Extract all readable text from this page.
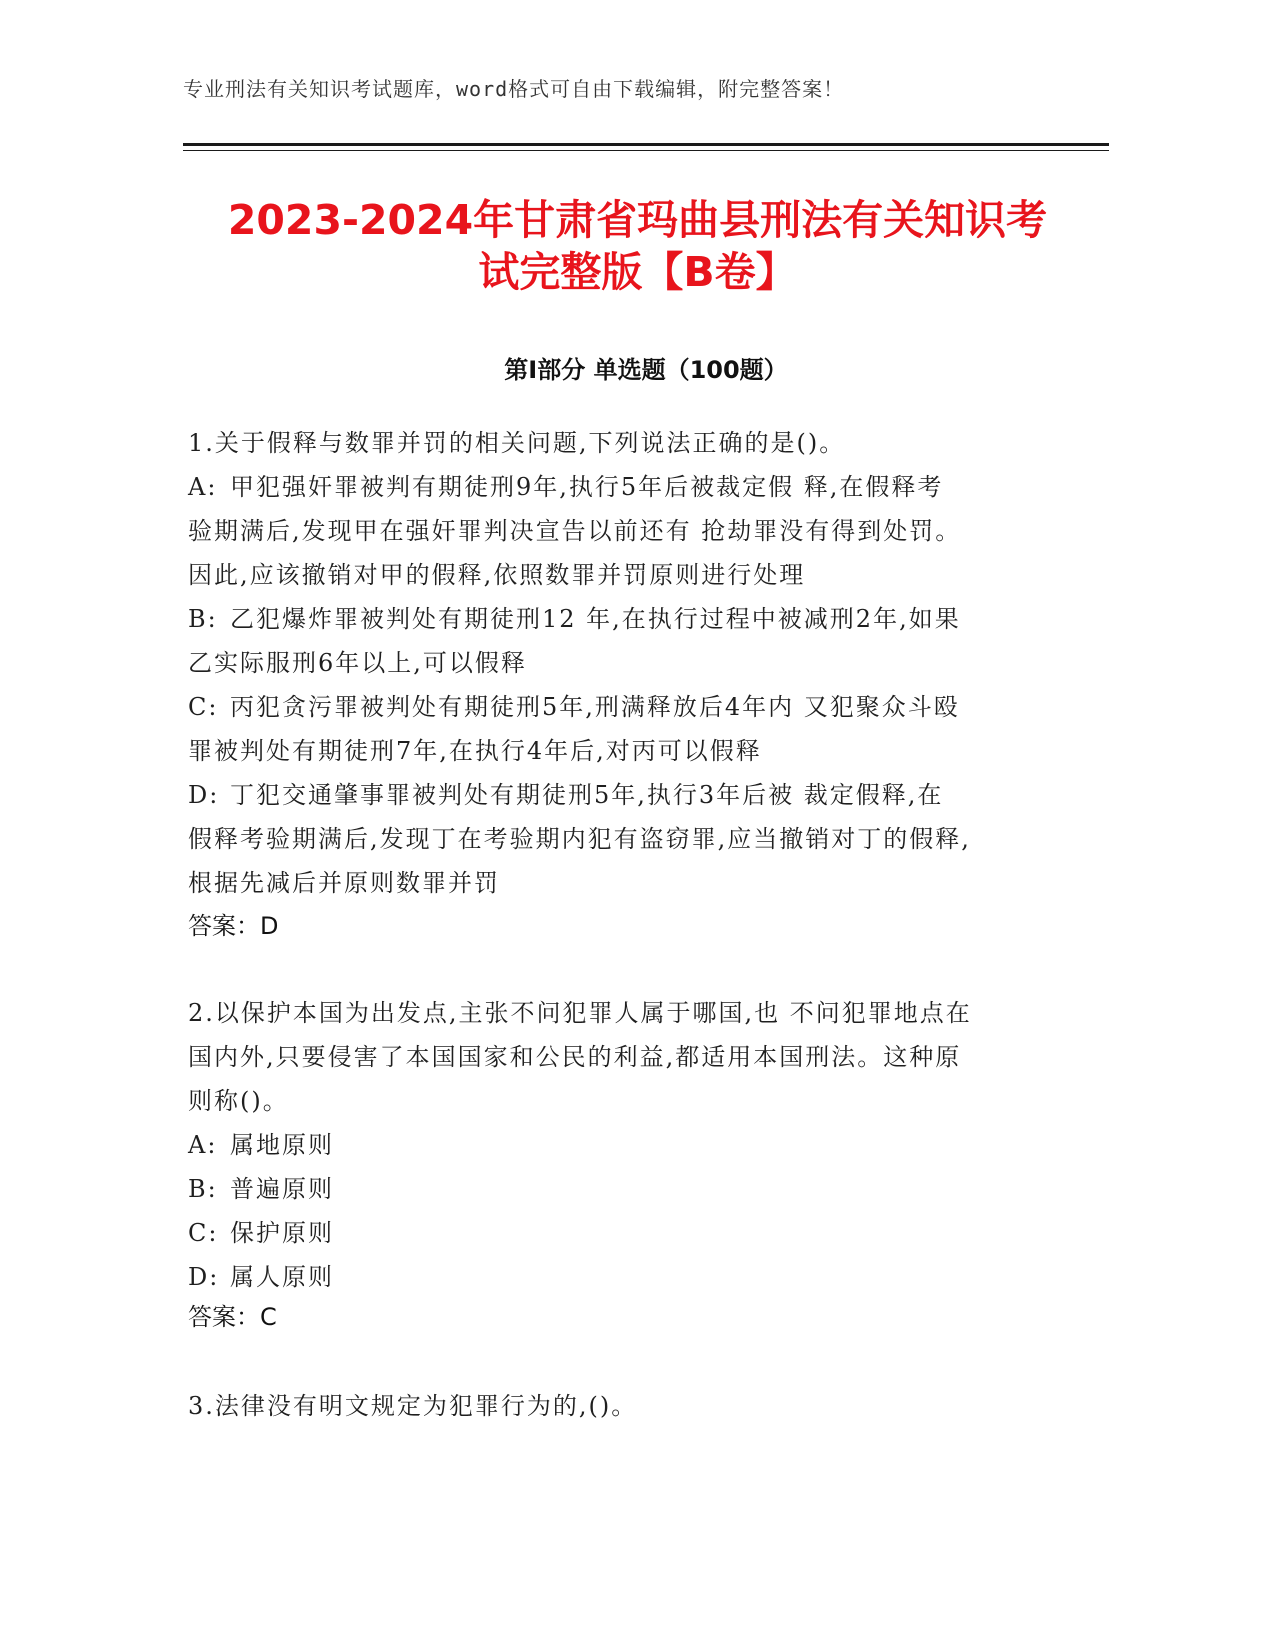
专业刑法有关知识考试题库，word格式可自由下载编辑，附完整答案！
2023-2024年甘肃省玛曲县刑法有关知识考
试完整版【B卷】
第Ⅰ部分 单选题（100题）
1.关于假释与数罪并罚的相关问题,下列说法正确的是()。
A: 甲犯强奸罪被判有期徒刑9年,执行5年后被裁定假 释,在假释考
验期满后,发现甲在强奸罪判决宣告以前还有 抢劫罪没有得到处罚。
因此,应该撤销对甲的假释,依照数罪并罚原则进行处理
B: 乙犯爆炸罪被判处有期徒刑12 年,在执行过程中被减刑2年,如果
乙实际服刑6年以上,可以假释
C: 丙犯贪污罪被判处有期徒刑5年,刑满释放后4年内 又犯聚众斗殴
罪被判处有期徒刑7年,在执行4年后,对丙可以假释
D: 丁犯交通肇事罪被判处有期徒刑5年,执行3年后被 裁定假释,在
假释考验期满后,发现丁在考验期内犯有盗窃罪,应当撤销对丁的假释,
根据先减后并原则数罪并罚
答案：D
2.以保护本国为出发点,主张不问犯罪人属于哪国,也 不问犯罪地点在
国内外,只要侵害了本国国家和公民的利益,都适用本国刑法。这种原
则称()。
A: 属地原则
B: 普遍原则
C: 保护原则
D: 属人原则
答案：C
3.法律没有明文规定为犯罪行为的,()。
